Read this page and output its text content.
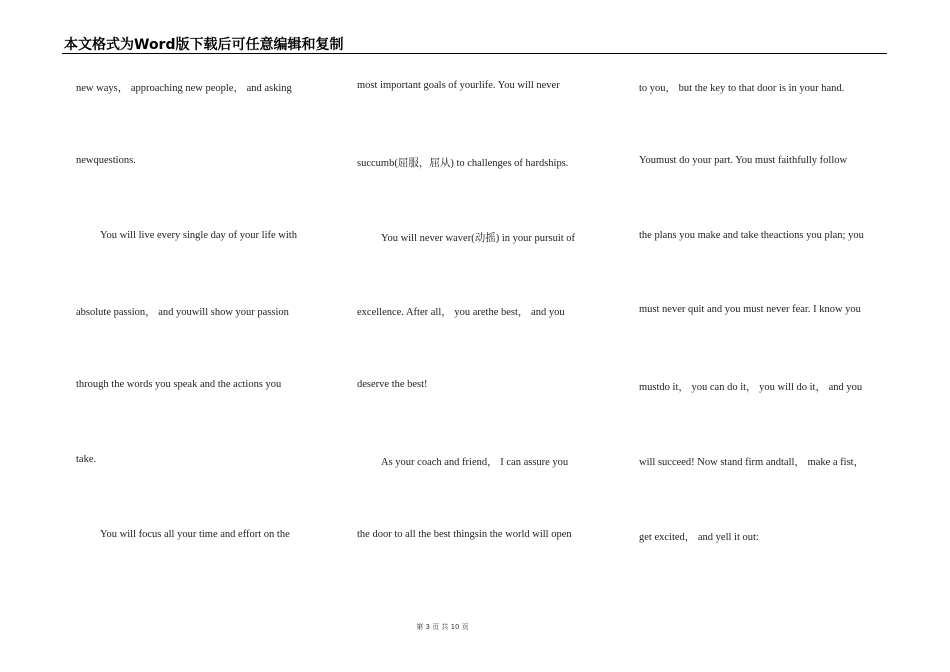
本文格式为Word版下载后可任意编辑和复制
new ways， approaching new people， and asking
newquestions.
You will live every single day of your life with
absolute passion， and youwill show your passion
through the words you speak and the actions you
take.
You will focus all your time and effort on the
most important goals of yourlife. You will never
succumb(屈服，屈从) to challenges of hardships.
You will never waver(动摇) in your pursuit of
excellence. After all， you arethe best， and you
deserve the best!
As your coach and friend， I can assure you
the door to all the best thingsin the world will open
to you， but the key to that door is in your hand.
Youmust do your part. You must faithfully follow
the plans you make and take theactions you plan; you
must never quit and you must never fear. I know you
mustdo it， you can do it， you will do it， and you
will succeed! Now stand firm andtall， make a fist，
get excited， and yell it out:
第 3 页 共 10 页
